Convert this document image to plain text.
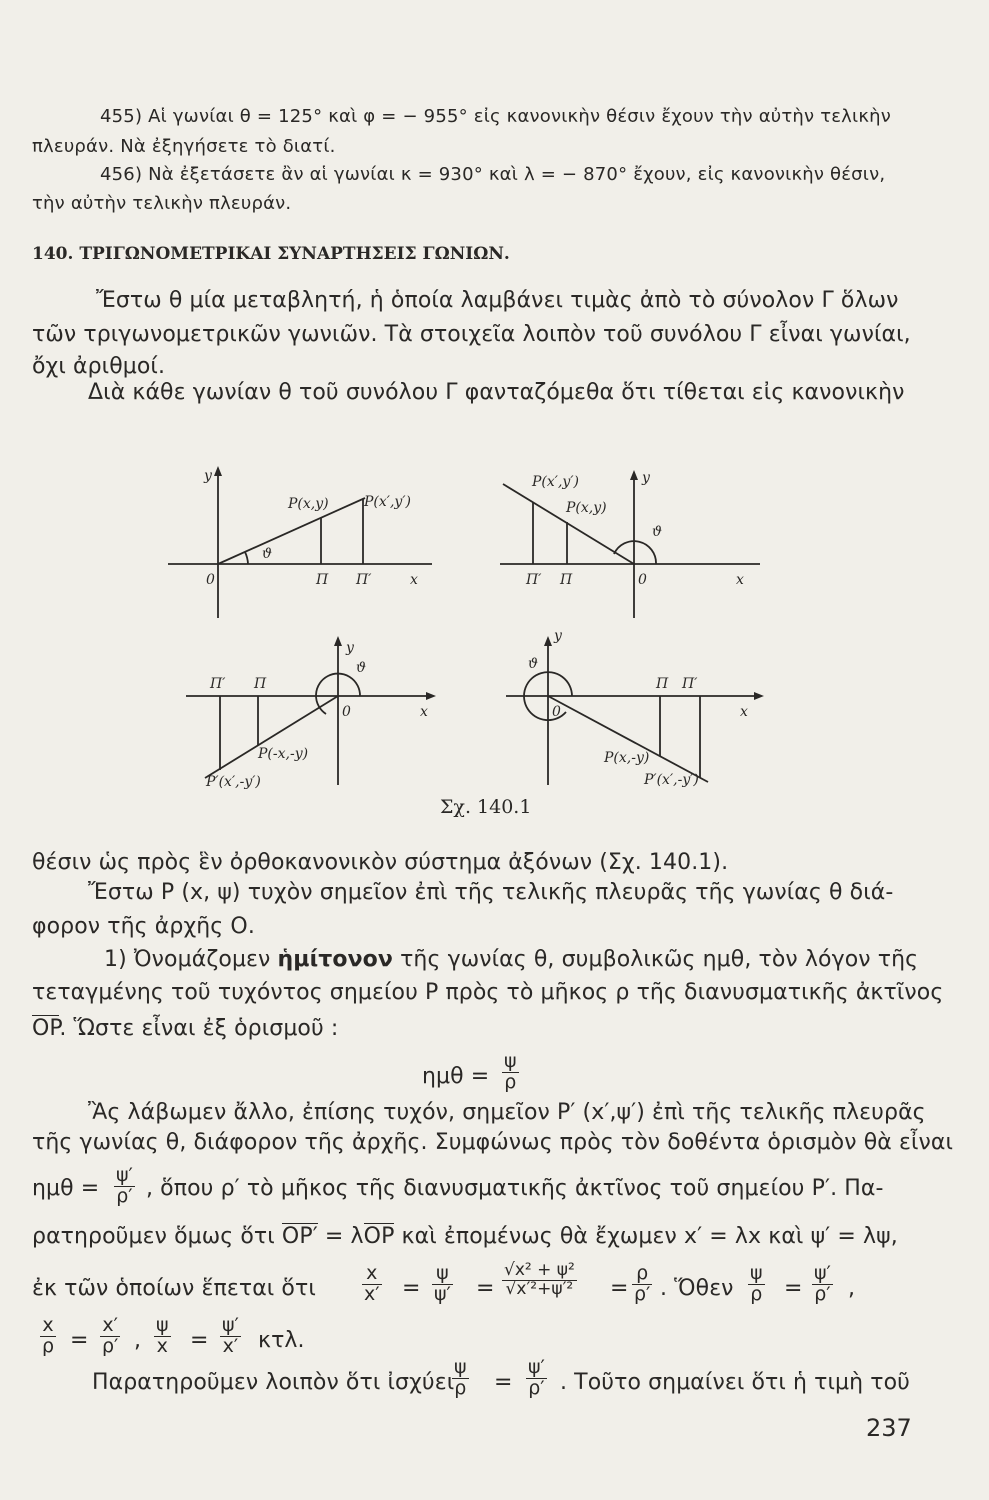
455) Αἱ γωνίαι θ = 125° καὶ φ = − 955° εἰς κανονικὴν θέσιν ἔχουν τὴν αὐτὴν τελικὴν
πλευράν. Νὰ ἐξηγήσετε τὸ διατί.
456) Νὰ ἐξετάσετε ἂν αἱ γωνίαι κ = 930° καὶ λ = − 870° ἔχουν, εἰς κανονικὴν θέσιν,
τὴν αὐτὴν τελικὴν πλευράν.
140. ΤΡΙΓΩΝΟΜΕΤΡΙΚΑΙ ΣΥΝΑΡΤΗΣΕΙΣ ΓΩΝΙΩΝ.
Ἔστω θ μία μεταβλητή, ἡ ὁποία λαμβάνει τιμὰς ἀπὸ τὸ σύνολον Γ ὅλων
τῶν τριγωνομετρικῶν γωνιῶν. Τὰ στοιχεῖα λοιπὸν τοῦ συνόλου Γ εἶναι γωνίαι,
ὄχι ἀριθμοί.
Διὰ κάθε γωνίαν θ τοῦ συνόλου Γ φανταζόμεθα ὅτι τίθεται εἰς κανονικὴν
y
0	x
ϑ
Π Π′
P(x,y)	P(x′,y′)
y
0	x
ϑ
Π′ Π
P(x′,y′)
P(x,y)
y
0	x
ϑ
Π′ Π
P(-x,-y)
P′(x′,-y′)
y
0	x
ϑ
Π Π′
P(x,-y)
P′(x′,-y′)
Σχ. 140.1
θέσιν ὡς πρὸς ἓν ὀρθοκανονικὸν σύστημα ἀξόνων (Σχ. 140.1).
Ἔστω P (x, ψ) τυχὸν σημεῖον ἐπὶ τῆς τελικῆς πλευρᾶς τῆς γωνίας θ διά-
φορον τῆς ἀρχῆς Ο.
1) Ὀνομάζομεν ἡμίτονον τῆς γωνίας θ, συμβολικῶς ημθ, τὸν λόγον τῆς
τεταγμένης τοῦ τυχόντος σημείου P πρὸς τὸ μῆκος ρ τῆς διανυσματικῆς ἀκτῖνος
OP. Ὥστε εἶναι ἐξ ὁρισμοῦ :
$\eta\mu\theta = \frac{\psi}{\rho}$
Ἂς λάβωμεν ἄλλο, ἐπίσης τυχόν, σημεῖον P′ (x′,ψ′) ἐπὶ τῆς τελικῆς πλευρᾶς
τῆς γωνίας θ, διάφορον τῆς ἀρχῆς. Συμφώνως πρὸς τὸν δοθέντα ὁρισμὸν θὰ εἶναι
$\eta\mu\theta = \frac{\psi'}{\rho'}$ , ὅπου ρ′ τὸ μῆκος τῆς διανυσματικῆς ἀκτῖνος τοῦ σημείου P′. Πα-
ρατηροῦμεν ὅμως ὅτι OP′ = λOP καὶ ἐπομένως θὰ ἔχωμεν x′ = λx καὶ ψ′ = λψ,
ἐκ τῶν ὁποίων ἕπεται ὅτι $\frac{x}{x'} = \frac{\psi}{\psi'} = \frac{\text{√x² + ψ²}}{\text{√x′²+ψ′²}} = \frac{\rho}{\rho'}$ . Ὅθεν $\frac{\psi}{\rho} = \frac{\psi'}{\rho'}$ ,
$\frac{x}{\rho} = \frac{x'}{\rho'}$ , $\frac{\psi}{x} = \frac{\psi'}{x'} \kappa\tau\lambda$.
Παρατηροῦμεν λοιπὸν ὅτι ἰσχύει
$\frac{\psi}{\rho} = \frac{\psi'}{\rho'}$ . Τοῦτο σημαίνει ὅτι ἡ τιμὴ τοῦ
237
